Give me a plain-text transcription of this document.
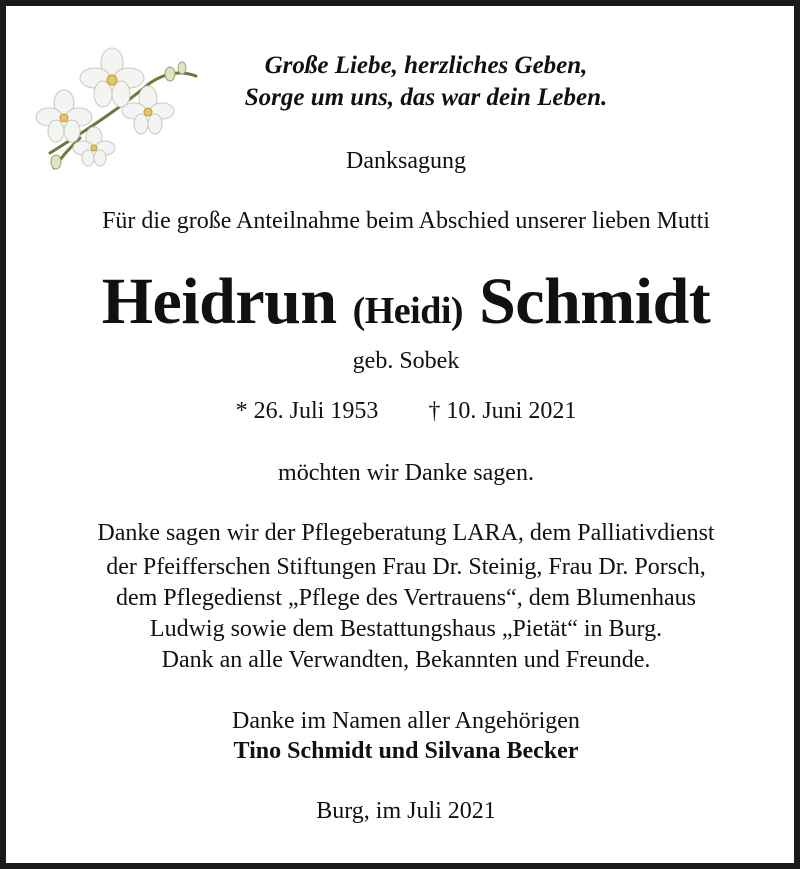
Große Liebe, herzliches Geben,
Sorge um uns, das war dein Leben.
Danksagung
Für die große Anteilnahme beim Abschied unserer lieben Mutti
Heidrun (Heidi) Schmidt
geb. Sobek
* 26. Juli 1953 † 10. Juni 2021
möchten wir Danke sagen.
Danke sagen wir der Pflegeberatung LARA, dem Palliativdienst
der Pfeifferschen Stiftungen Frau Dr. Steinig, Frau Dr. Porsch,
dem Pflegedienst „Pflege des Vertrauens“, dem Blumenhaus
Ludwig sowie dem Bestattungshaus „Pietät“ in Burg.
Dank an alle Verwandten, Bekannten und Freunde.
Danke im Namen aller Angehörigen
Tino Schmidt und Silvana Becker
Burg, im Juli 2021
